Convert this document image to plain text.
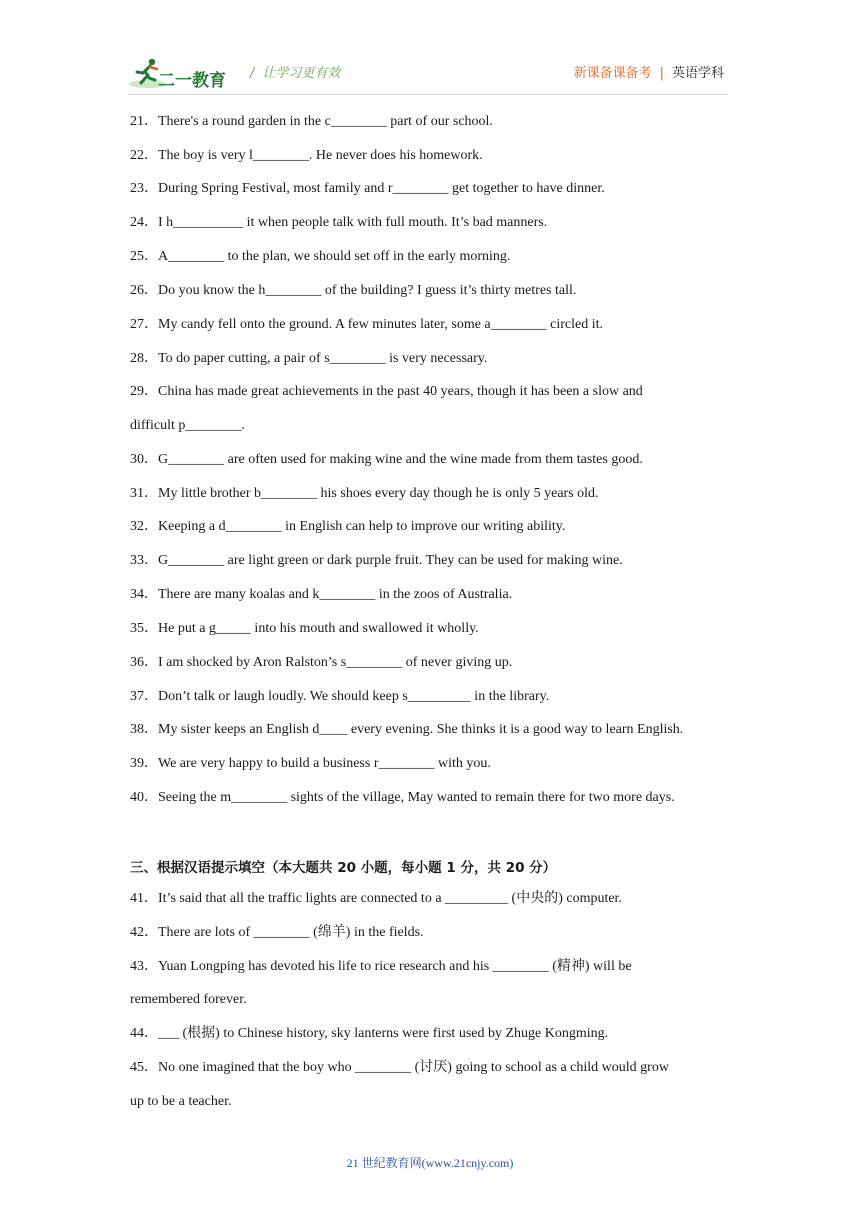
二一教育 / 让学习更有效	新课备课备考 | 英语学科
21．There's a round garden in the c________ part of our school.
22．The boy is very l________. He never does his homework.
23．During Spring Festival, most family and r________ get together to have dinner.
24．I h__________ it when people talk with full mouth. It’s bad manners.
25．A________ to the plan, we should set off in the early morning.
26．Do you know the h________ of the building? I guess it’s thirty metres tall.
27．My candy fell onto the ground. A few minutes later, some a________ circled it.
28．To do paper cutting, a pair of s________ is very necessary.
29．China has made great achievements in the past 40 years, though it has been a slow and
difficult p________.
30．G________ are often used for making wine and the wine made from them tastes good.
31．My little brother b________ his shoes every day though he is only 5 years old.
32．Keeping a d________ in English can help to improve our writing ability.
33．G________ are light green or dark purple fruit. They can be used for making wine.
34．There are many koalas and k________ in the zoos of Australia.
35．He put a g_____ into his mouth and swallowed it wholly.
36．I am shocked by Aron Ralston’s s________ of never giving up.
37．Don’t talk or laugh loudly. We should keep s_________ in the library.
38．My sister keeps an English d____ every evening. She thinks it is a good way to learn English.
39．We are very happy to build a business r________ with you.
40．Seeing the m________ sights of the village, May wanted to remain there for two more days.
三、根据汉语提示填空（本大题共 20 小题，每小题 1 分，共 20 分）
41．It’s said that all the traffic lights are connected to a _________ (中央的) computer.
42．There are lots of ________ (绵羊) in the fields.
43．Yuan Longping has devoted his life to rice research and his ________ (精神) will be
remembered forever.
44．___ (根据) to Chinese history, sky lanterns were first used by Zhuge Kongming.
45．No one imagined that the boy who ________ (讨厌) going to school as a child would grow
up to be a teacher.
21 世纪教育网(www.21cnjy.com)
